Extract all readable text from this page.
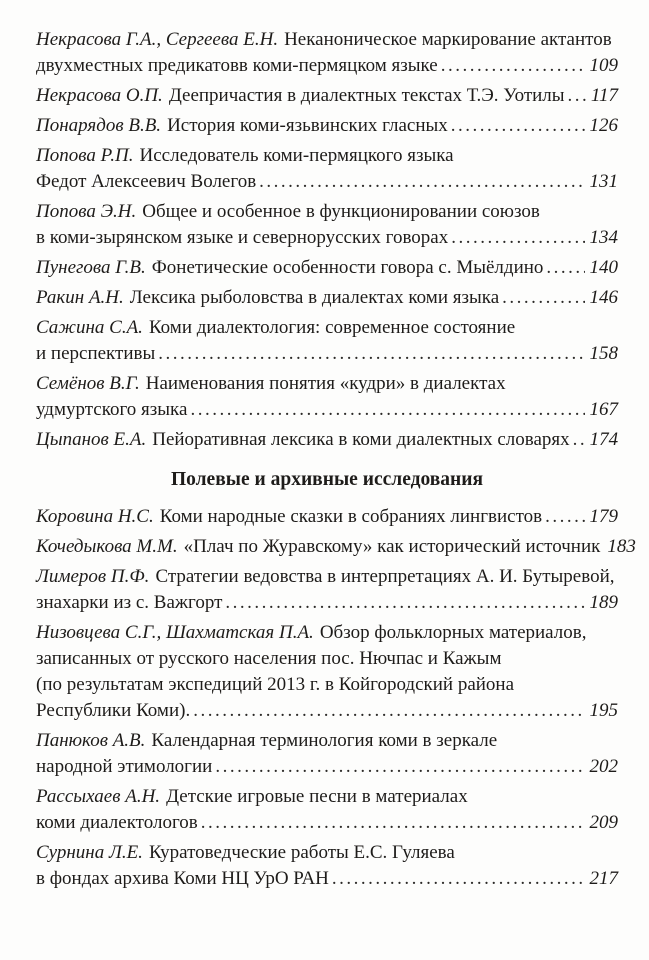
Некрасова Г.А., Сергеева Е.Н. Неканоническое маркирование актантов
двухместных предикатовв коми-пермяцком языке .....	109
Некрасова О.П. Деепричастия в диалектных текстах Т.Э. Уотилы ..... 117
Понарядов В.В. История коми-язьвинских гласных .....	126
Попова Р.П. Исследователь коми-пермяцкого языка
Федот Алексеевич Волегов .....	131
Попова Э.Н. Общее и особенное в функционировании союзов
в коми-зырянском языке и севернорусских говорах .....	134
Пунегова Г.В. Фонетические особенности говора с. Мыёлдино ..... 140
Ракин А.Н. Лексика рыболовства в диалектах коми языка .....	146
Сажина С.А. Коми диалектология: современное состояние
и перспективы .....	158
Семёнов В.Г. Наименования понятия «кудри» в диалектах
удмуртского языка .....	167
Цыпанов Е.А. Пейоративная лексика в коми диалектных словарях ..... 174
Полевые и архивные исследования
Коровина Н.С. Коми народные сказки в собраниях лингвистов ..... 179
Кочедыкова М.М. «Плач по Журавскому» как исторический источник 183
Лимеров П.Ф. Стратегии ведовства в интерпретациях А. И. Бутыревой,
знахарки из с. Важгорт .....	189
Низовцева С.Г., Шахматская П.А. Обзор фольклорных материалов,
записанных от русского населения пос. Нючпас и Кажым
(по результатам экспедиций 2013 г. в Койгородский района
Республики Коми). .....	195
Панюков А.В. Календарная терминология коми в зеркале
народной этимологии .....	202
Рассыхаев А.Н. Детские игровые песни в материалах
коми диалектологов .....	209
Сурнина Л.Е. Куратоведческие работы Е.С. Гуляева
в фондах архива Коми НЦ УрО РАН .....	217
